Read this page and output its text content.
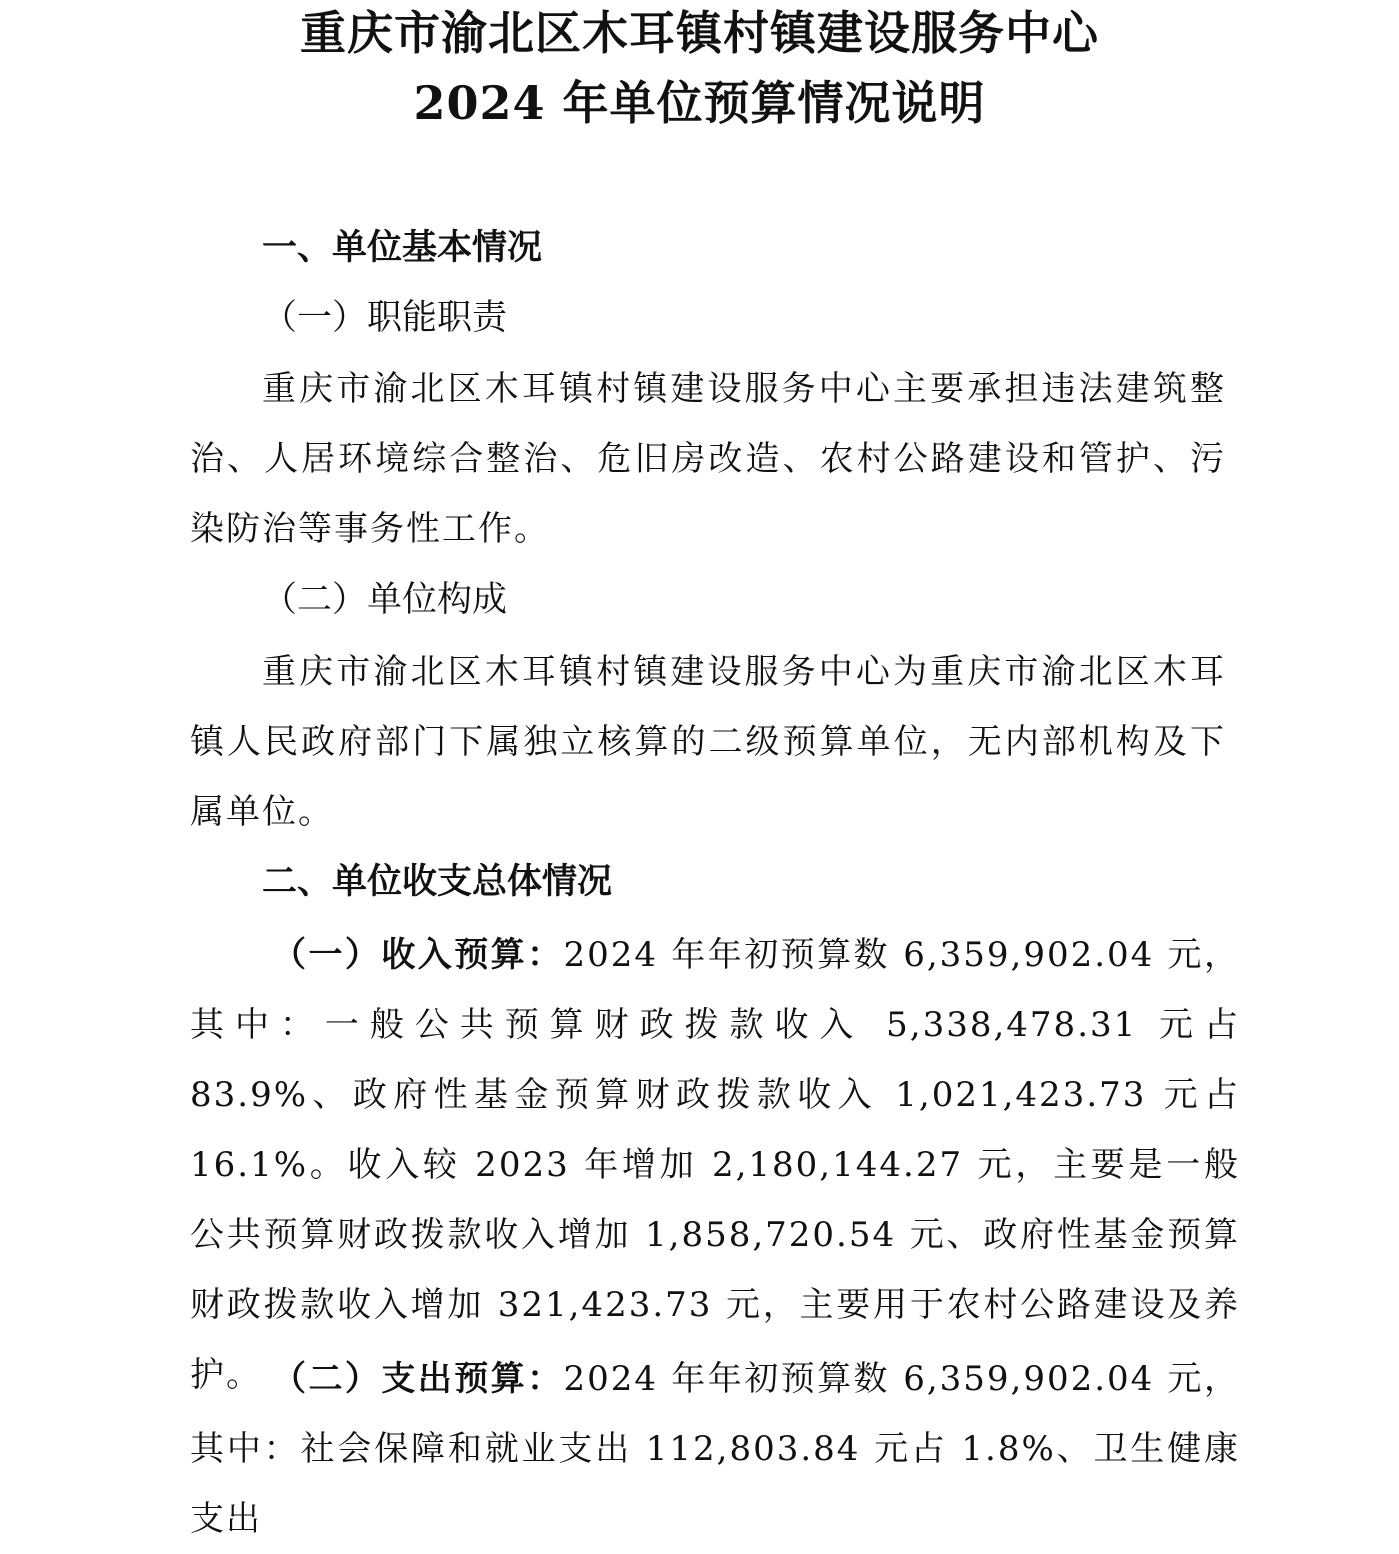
重庆市渝北区木耳镇村镇建设服务中心
2024 年单位预算情况说明
一、单位基本情况
（一）职能职责
重庆市渝北区木耳镇村镇建设服务中心主要承担违法建筑整治、人居环境综合整治、危旧房改造、农村公路建设和管护、污染防治等事务性工作。
（二）单位构成
重庆市渝北区木耳镇村镇建设服务中心为重庆市渝北区木耳镇人民政府部门下属独立核算的二级预算单位，无内部机构及下属单位。
二、单位收支总体情况
（一）收入预算：2024 年年初预算数 6,359,902.04 元，其中：一般公共预算财政拨款收入 5,338,478.31 元占 83.9%、政府性基金预算财政拨款收入 1,021,423.73 元占 16.1%。收入较 2023 年增加 2,180,144.27 元，主要是一般公共预算财政拨款收入增加 1,858,720.54 元、政府性基金预算财政拨款收入增加 321,423.73 元，主要用于农村公路建设及养护。 （二）支出预算：2024 年年初预算数 6,359,902.04 元，其中：社会保障和就业支出 112,803.84 元占 1.8%、卫生健康支出
